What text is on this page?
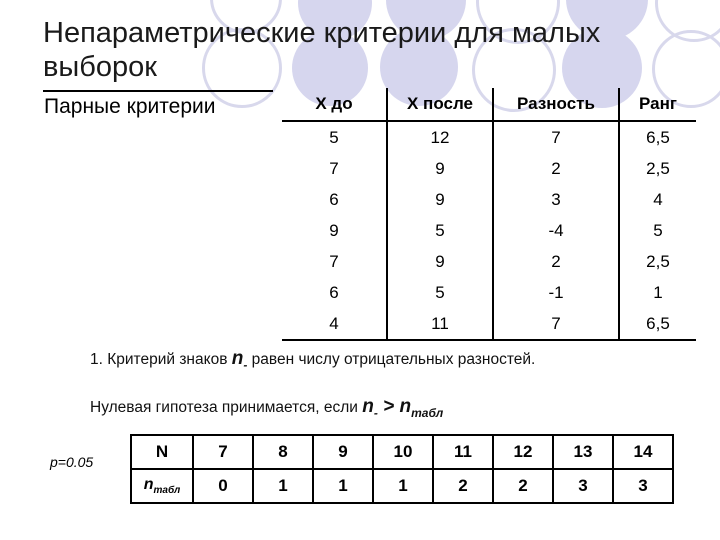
Непараметрические критерии для малых выборок
Парные критерии	X до	X после	Разность	Ранг
5	12	7	6,5
7	9	2	2,5
6	9	3	4
9	5	-4	5
7	9	2	2,5
6	5	-1	1
4	11	7	6,5
1. Критерий знаков $n_-$ равен числу отрицательных разностей.
Нулевая гипотеза принимается, если $n_- > n_{табл}$
p=0.05
N	7	8	9	10	11	12	13	14
$n_{табл}$	0	1	1	1	2	2	3	3
